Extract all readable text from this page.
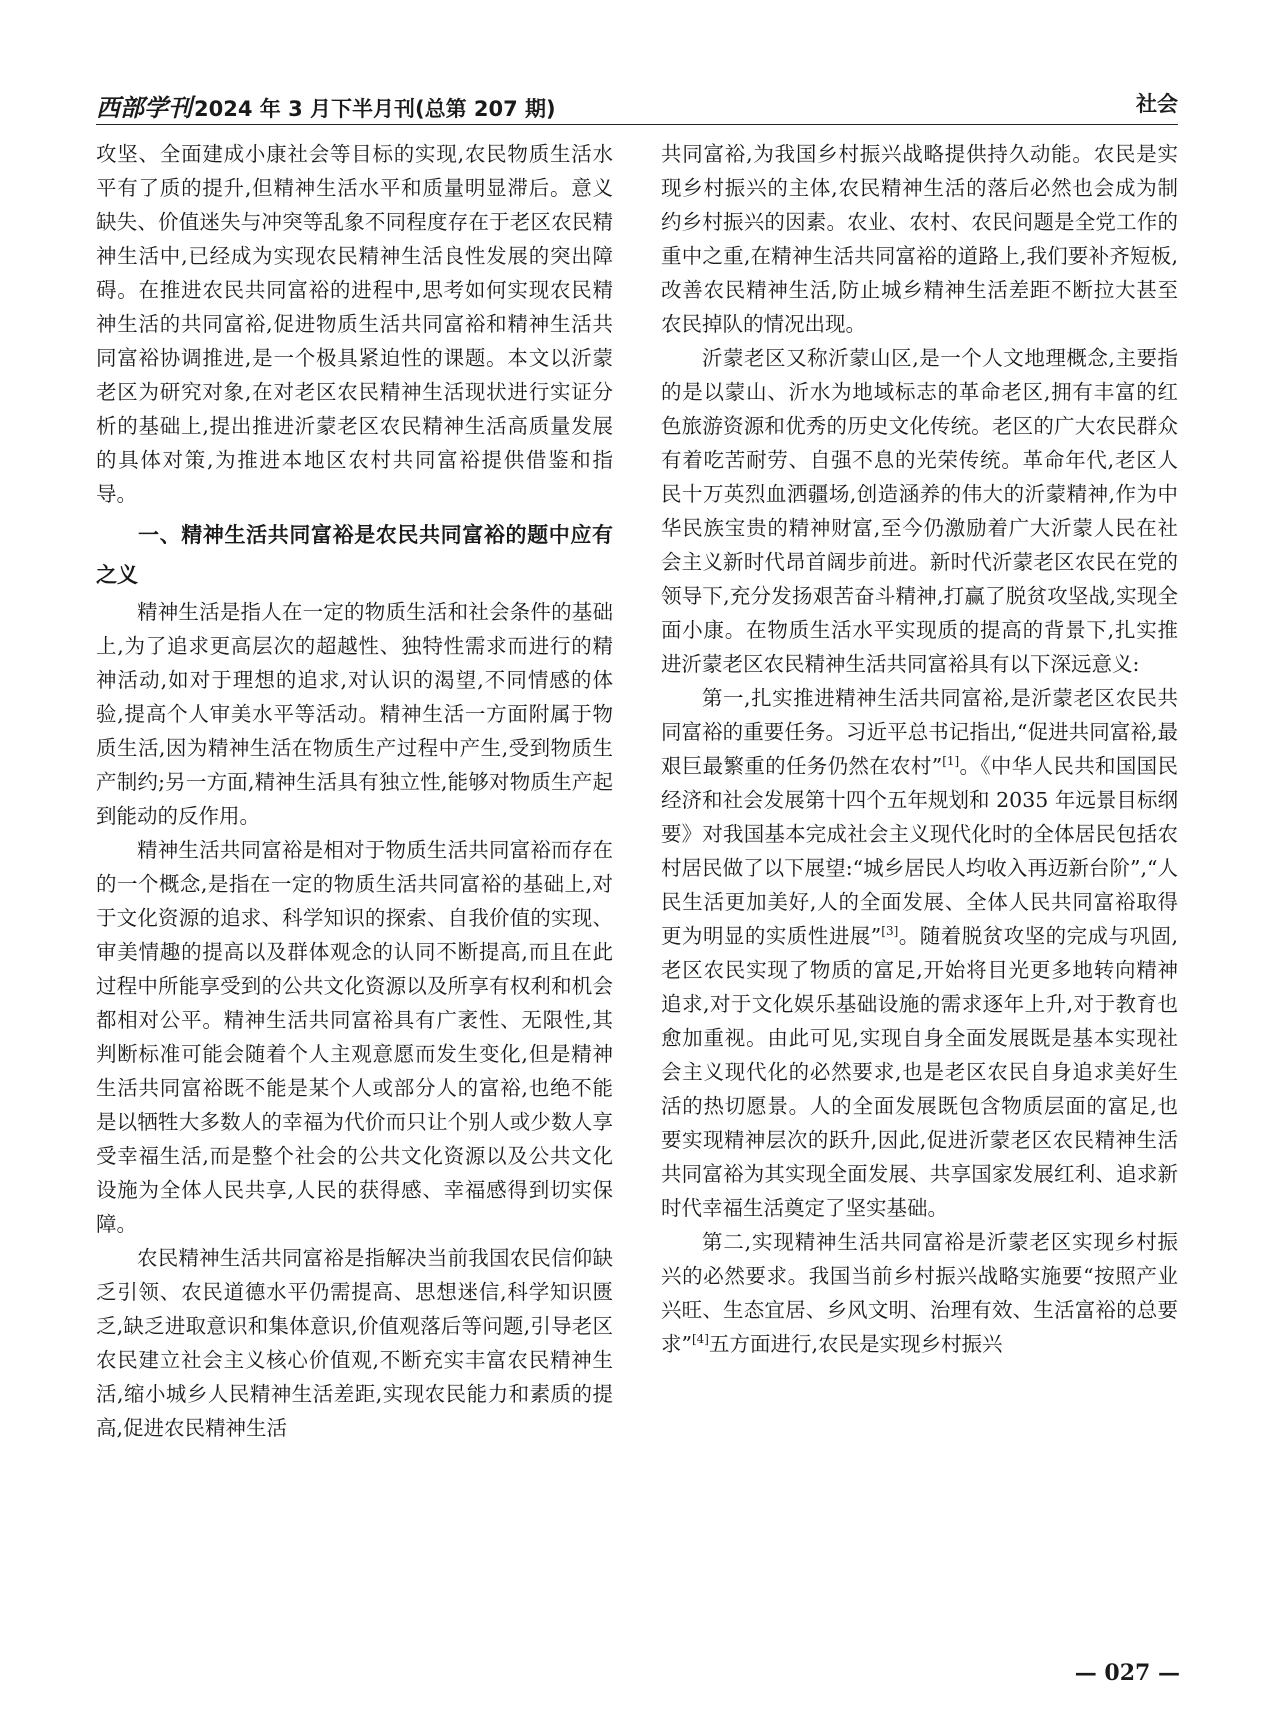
西部学刊2024 年 3 月下半月刊(总第 207 期)	社会

攻坚、全面建成小康社会等目标的实现,农民物质生活水平有了质的提升,但精神生活水平和质量明显滞后。意义缺失、价值迷失与冲突等乱象不同程度存在于老区农民精神生活中,已经成为实现农民精神生活良性发展的突出障碍。在推进农民共同富裕的进程中,思考如何实现农民精神生活的共同富裕,促进物质生活共同富裕和精神生活共同富裕协调推进,是一个极具紧迫性的课题。本文以沂蒙老区为研究对象,在对老区农民精神生活现状进行实证分析的基础上,提出推进沂蒙老区农民精神生活高质量发展的具体对策,为推进本地区农村共同富裕提供借鉴和指导。

一、精神生活共同富裕是农民共同富裕的题中应有之义

精神生活是指人在一定的物质生活和社会条件的基础上,为了追求更高层次的超越性、独特性需求而进行的精神活动,如对于理想的追求,对认识的渴望,不同情感的体验,提高个人审美水平等活动。精神生活一方面附属于物质生活,因为精神生活在物质生产过程中产生,受到物质生产制约;另一方面,精神生活具有独立性,能够对物质生产起到能动的反作用。

精神生活共同富裕是相对于物质生活共同富裕而存在的一个概念,是指在一定的物质生活共同富裕的基础上,对于文化资源的追求、科学知识的探索、自我价值的实现、审美情趣的提高以及群体观念的认同不断提高,而且在此过程中所能享受到的公共文化资源以及所享有权利和机会都相对公平。精神生活共同富裕具有广袤性、无限性,其判断标准可能会随着个人主观意愿而发生变化,但是精神生活共同富裕既不能是某个人或部分人的富裕,也绝不能是以牺牲大多数人的幸福为代价而只让个别人或少数人享受幸福生活,而是整个社会的公共文化资源以及公共文化设施为全体人民共享,人民的获得感、幸福感得到切实保障。

农民精神生活共同富裕是指解决当前我国农民信仰缺乏引领、农民道德水平仍需提高、思想迷信,科学知识匮乏,缺乏进取意识和集体意识,价值观落后等问题,引导老区农民建立社会主义核心价值观,不断充实丰富农民精神生活,缩小城乡人民精神生活差距,实现农民能力和素质的提高,促进农民精神生活

共同富裕,为我国乡村振兴战略提供持久动能。农民是实现乡村振兴的主体,农民精神生活的落后必然也会成为制约乡村振兴的因素。农业、农村、农民问题是全党工作的重中之重,在精神生活共同富裕的道路上,我们要补齐短板,改善农民精神生活,防止城乡精神生活差距不断拉大甚至农民掉队的情况出现。

沂蒙老区又称沂蒙山区,是一个人文地理概念,主要指的是以蒙山、沂水为地域标志的革命老区,拥有丰富的红色旅游资源和优秀的历史文化传统。老区的广大农民群众有着吃苦耐劳、自强不息的光荣传统。革命年代,老区人民十万英烈血洒疆场,创造涵养的伟大的沂蒙精神,作为中华民族宝贵的精神财富,至今仍激励着广大沂蒙人民在社会主义新时代昂首阔步前进。新时代沂蒙老区农民在党的领导下,充分发扬艰苦奋斗精神,打赢了脱贫攻坚战,实现全面小康。在物质生活水平实现质的提高的背景下,扎实推进沂蒙老区农民精神生活共同富裕具有以下深远意义:

第一,扎实推进精神生活共同富裕,是沂蒙老区农民共同富裕的重要任务。习近平总书记指出,“促进共同富裕,最艰巨最繁重的任务仍然在农村”[1]。《中华人民共和国国民经济和社会发展第十四个五年规划和 2035 年远景目标纲要》对我国基本完成社会主义现代化时的全体居民包括农村居民做了以下展望:“城乡居民人均收入再迈新台阶”,“人民生活更加美好,人的全面发展、全体人民共同富裕取得更为明显的实质性进展”[3]。随着脱贫攻坚的完成与巩固,老区农民实现了物质的富足,开始将目光更多地转向精神追求,对于文化娱乐基础设施的需求逐年上升,对于教育也愈加重视。由此可见,实现自身全面发展既是基本实现社会主义现代化的必然要求,也是老区农民自身追求美好生活的热切愿景。人的全面发展既包含物质层面的富足,也要实现精神层次的跃升,因此,促进沂蒙老区农民精神生活共同富裕为其实现全面发展、共享国家发展红利、追求新时代幸福生活奠定了坚实基础。

第二,实现精神生活共同富裕是沂蒙老区实现乡村振兴的必然要求。我国当前乡村振兴战略实施要“按照产业兴旺、生态宜居、乡风文明、治理有效、生活富裕的总要求”[4]五方面进行,农民是实现乡村振兴

— 027 —
